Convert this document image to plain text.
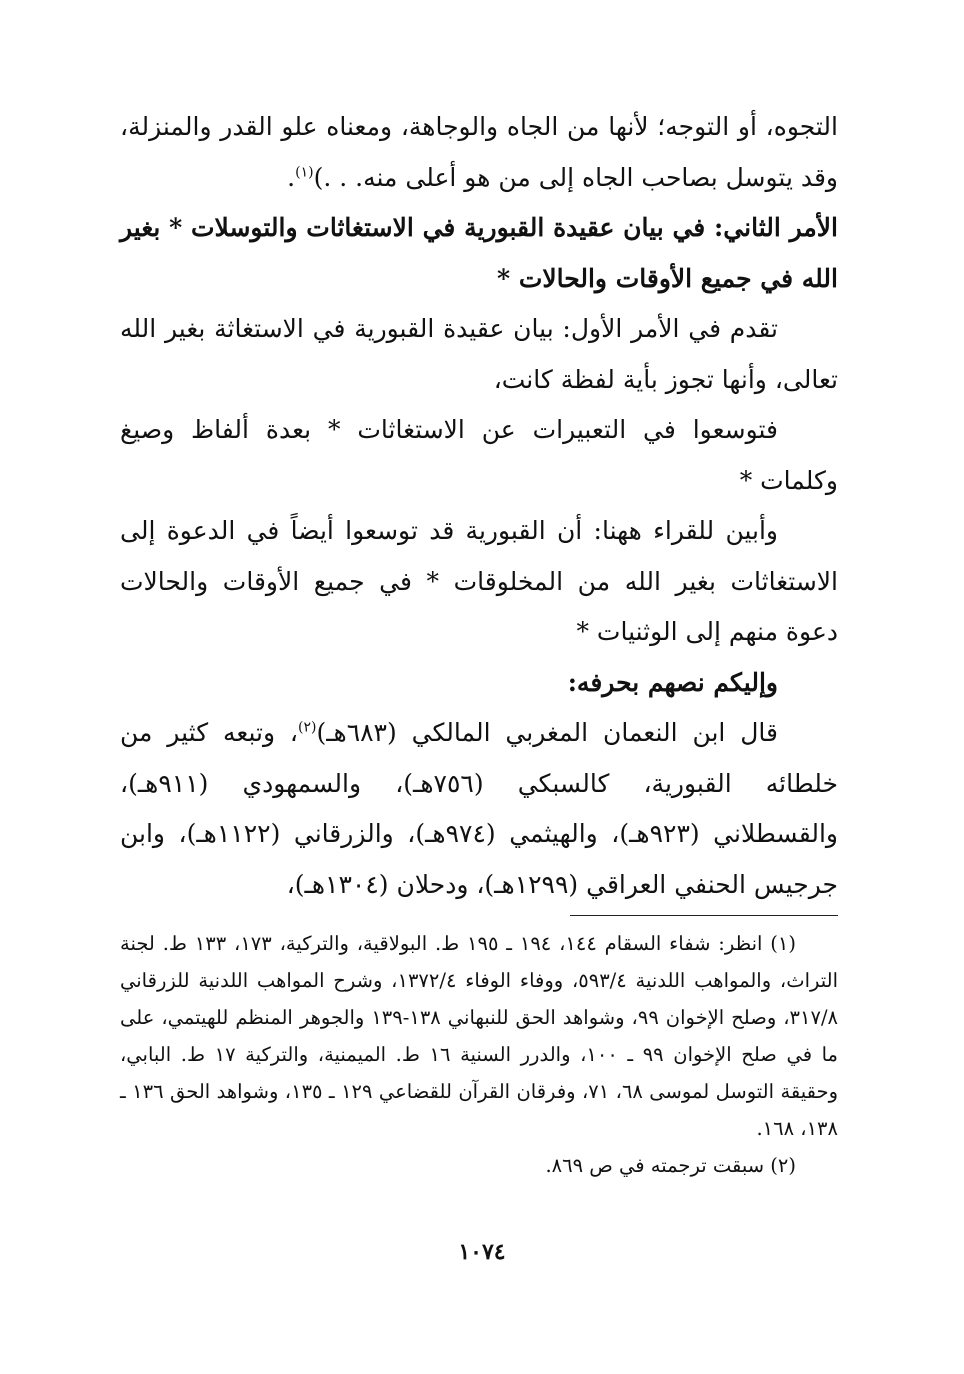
التجوه، أو التوجه؛ لأنها من الجاه والوجاهة، ومعناه علو القدر والمنزلة، وقد يتوسل بصاحب الجاه إلى من هو أعلى منه. . .)$^{(١)}$.

الأمر الثاني: في بيان عقيدة القبورية في الاستغاثات والتوسلات * بغير الله في جميع الأوقات والحالات *

تقدم في الأمر الأول: بيان عقيدة القبورية في الاستغاثة بغير الله تعالى، وأنها تجوز بأية لفظة كانت،

فتوسعوا في التعبيرات عن الاستغاثات * بعدة ألفاظ وصيغ وكلمات *

وأبين للقراء ههنا: أن القبورية قد توسعوا أيضاً في الدعوة إلى الاستغاثات بغير الله من المخلوقات * في جميع الأوقات والحالات دعوة منهم إلى الوثنيات *

وإليكم نصهم بحرفه:

قال ابن النعمان المغربي المالكي (٦٨٣هـ)$^{(٢)}$، وتبعه كثير من خلطائه القبورية، كالسبكي (٧٥٦هـ)، والسمهودي (٩١١هـ)، والقسطلاني (٩٢٣هـ)، والهيثمي (٩٧٤هـ)، والزرقاني (١١٢٢هـ)، وابن جرجيس الحنفي العراقي (١٢٩٩هـ)، ودحلان (١٣٠٤هـ)،

(١) انظر: شفاء السقام ١٤٤، ١٩٤ ـ ١٩٥ ط. البولاقية، والتركية، ١٧٣، ١٣٣ ط. لجنة التراث، والمواهب اللدنية ٥٩٣/٤، ووفاء الوفاء ١٣٧٢/٤، وشرح المواهب اللدنية للزرقاني ٣١٧/٨، وصلح الإخوان ٩٩، وشواهد الحق للنبهاني ١٣٨-١٣٩ والجوهر المنظم للهيتمي، على ما في صلح الإخوان ٩٩ ـ ١٠٠، والدرر السنية ١٦ ط. الميمنية، والتركية ١٧ ط. البابي، وحقيقة التوسل لموسى ٦٨، ٧١، وفرقان القرآن للقضاعي ١٢٩ ـ ١٣٥، وشواهد الحق ١٣٦ ـ ١٣٨، ١٦٨.

(٢) سبقت ترجمته في ص ٨٦٩.

١٠٧٤
